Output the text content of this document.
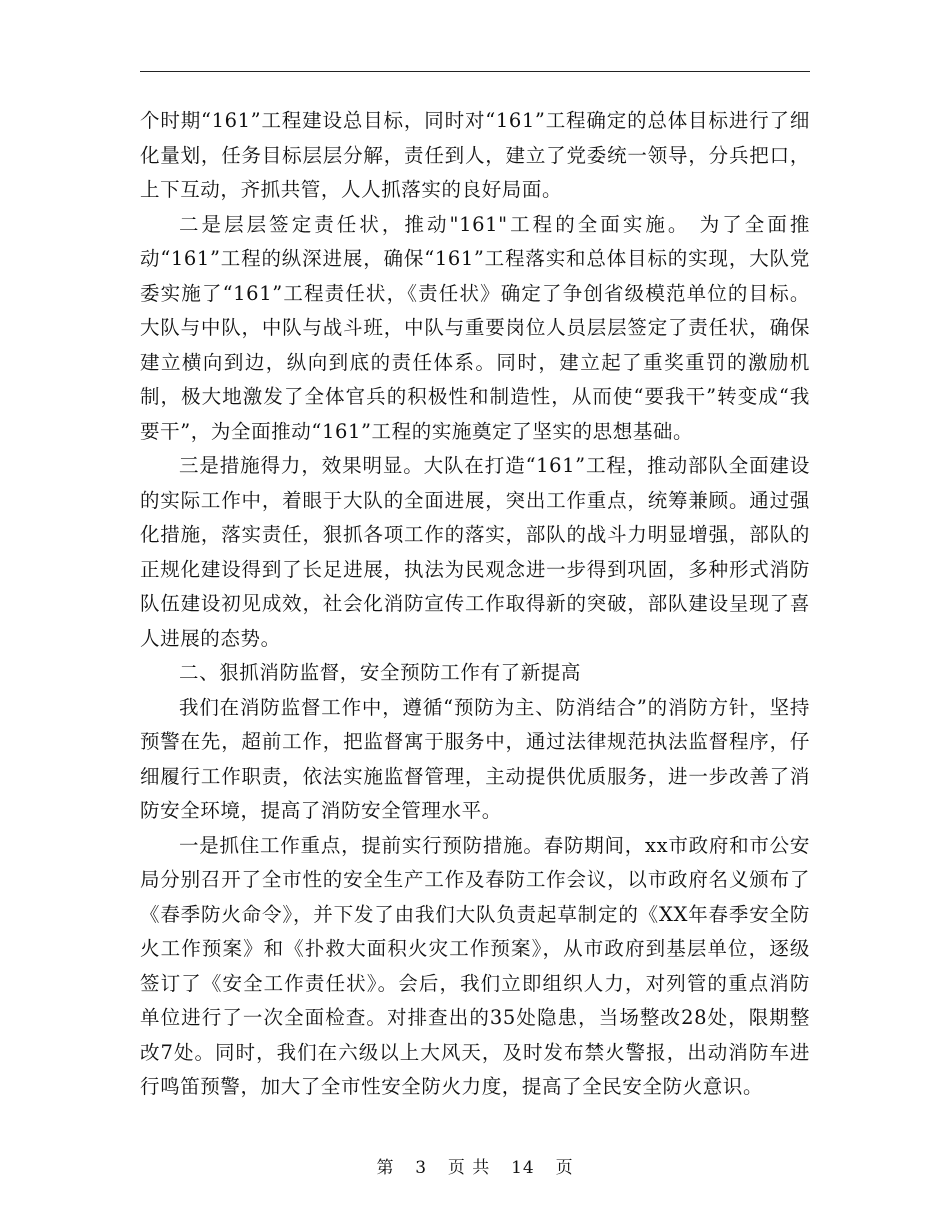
个时期“161”工程建设总目标，同时对“161”工程确定的总体目标进行了细化量划，任务目标层层分解，责任到人，建立了党委统一领导，分兵把口，上下互动，齐抓共管，人人抓落实的良好局面。

二是层层签定责任状，推动"161"工程的全面实施。 为了全面推动“161”工程的纵深进展，确保“161”工程落实和总体目标的实现，大队党委实施了“161”工程责任状，《责任状》确定了争创省级模范单位的目标。大队与中队，中队与战斗班，中队与重要岗位人员层层签定了责任状，确保建立横向到边，纵向到底的责任体系。同时，建立起了重奖重罚的激励机制，极大地激发了全体官兵的积极性和制造性，从而使“要我干”转变成“我要干”，为全面推动“161”工程的实施奠定了坚实的思想基础。

三是措施得力，效果明显。大队在打造“161”工程，推动部队全面建设的实际工作中，着眼于大队的全面进展，突出工作重点，统筹兼顾。通过强化措施，落实责任，狠抓各项工作的落实，部队的战斗力明显增强，部队的正规化建设得到了长足进展，执法为民观念进一步得到巩固，多种形式消防队伍建设初见成效，社会化消防宣传工作取得新的突破，部队建设呈现了喜人进展的态势。

二、狠抓消防监督，安全预防工作有了新提高

我们在消防监督工作中，遵循“预防为主、防消结合”的消防方针，坚持预警在先，超前工作，把监督寓于服务中，通过法律规范执法监督程序，仔细履行工作职责，依法实施监督管理，主动提供优质服务，进一步改善了消防安全环境，提高了消防安全管理水平。

一是抓住工作重点，提前实行预防措施。春防期间，xx市政府和市公安局分别召开了全市性的安全生产工作及春防工作会议，以市政府名义颁布了《春季防火命令》，并下发了由我们大队负责起草制定的《XX年春季安全防火工作预案》和《扑救大面积火灾工作预案》，从市政府到基层单位，逐级签订了《安全工作责任状》。会后，我们立即组织人力，对列管的重点消防单位进行了一次全面检查。对排查出的35处隐患，当场整改28处，限期整改7处。同时，我们在六级以上大风天，及时发布禁火警报，出动消防车进行鸣笛预警，加大了全市性安全防火力度，提高了全民安全防火意识。

第 3 页 共 14 页
